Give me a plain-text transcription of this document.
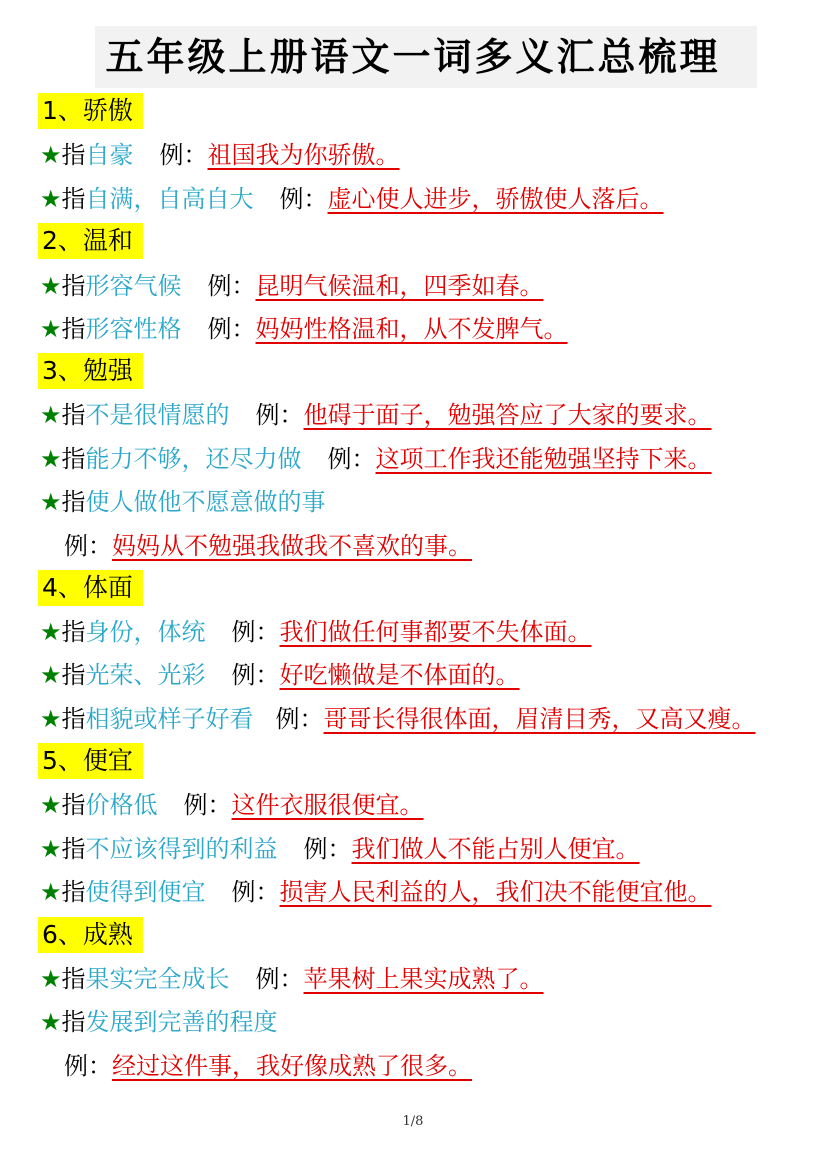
五年级上册语文一词多义汇总梳理
1、骄傲
★指自豪 例：祖国我为你骄傲。
★指自满，自高自大 例：虚心使人进步，骄傲使人落后。
2、温和
★指形容气候 例：昆明气候温和，四季如春。
★指形容性格 例：妈妈性格温和，从不发脾气。
3、勉强
★指不是很情愿的 例：他碍于面子，勉强答应了大家的要求。
★指能力不够，还尽力做 例：这项工作我还能勉强坚持下来。
★指使人做他不愿意做的事
例：妈妈从不勉强我做我不喜欢的事。
4、体面
★指身份，体统 例：我们做任何事都要不失体面。
★指光荣、光彩 例：好吃懒做是不体面的。
★指相貌或样子好看 例：哥哥长得很体面，眉清目秀，又高又瘦。
5、便宜
★指价格低 例：这件衣服很便宜。
★指不应该得到的利益 例：我们做人不能占别人便宜。
★指使得到便宜 例：损害人民利益的人，我们决不能便宜他。
6、成熟
★指果实完全成长 例：苹果树上果实成熟了。
★指发展到完善的程度
例：经过这件事，我好像成熟了很多。
1/8
